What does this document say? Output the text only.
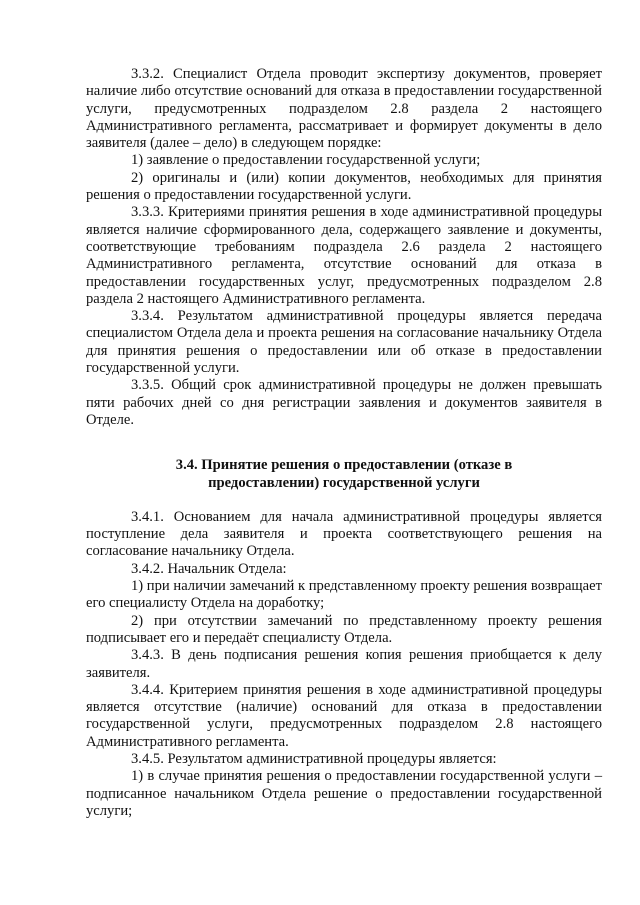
3.3.2. Специалист Отдела проводит экспертизу документов, проверяет наличие либо отсутствие оснований для отказа в предоставлении государственной услуги, предусмотренных подразделом 2.8 раздела 2 настоящего Административного регламента, рассматривает и формирует документы в дело заявителя (далее – дело) в следующем порядке:

1) заявление о предоставлении государственной услуги;

2) оригиналы и (или) копии документов, необходимых для принятия решения о предоставлении государственной услуги.

3.3.3. Критериями принятия решения в ходе административной процедуры является наличие сформированного дела, содержащего заявление и документы, соответствующие требованиям подраздела 2.6 раздела 2 настоящего Административного регламента, отсутствие оснований для отказа в предоставлении государственных услуг, предусмотренных подразделом 2.8 раздела 2 настоящего Административного регламента.

3.3.4. Результатом административной процедуры является передача специалистом Отдела дела и проекта решения на согласование начальнику Отдела для принятия решения о предоставлении или об отказе в предоставлении государственной услуги.

3.3.5. Общий срок административной процедуры не должен превышать пяти рабочих дней со дня регистрации заявления и документов заявителя в Отделе.

3.4. Принятие решения о предоставлении (отказе в
предоставлении) государственной услуги

3.4.1. Основанием для начала административной процедуры является поступление дела заявителя и проекта соответствующего решения на согласование начальнику Отдела.

3.4.2. Начальник Отдела:

1) при наличии замечаний к представленному проекту решения возвращает его специалисту Отдела на доработку;

2) при отсутствии замечаний по представленному проекту решения подписывает его и передаёт специалисту Отдела.

3.4.3. В день подписания решения копия решения приобщается к делу заявителя.

3.4.4. Критерием принятия решения в ходе административной процедуры является отсутствие (наличие) оснований для отказа в предоставлении государственной услуги, предусмотренных подразделом 2.8 настоящего Административного регламента.

3.4.5. Результатом административной процедуры является:

1) в случае принятия решения о предоставлении государственной услуги – подписанное начальником Отдела решение о предоставлении государственной услуги;
